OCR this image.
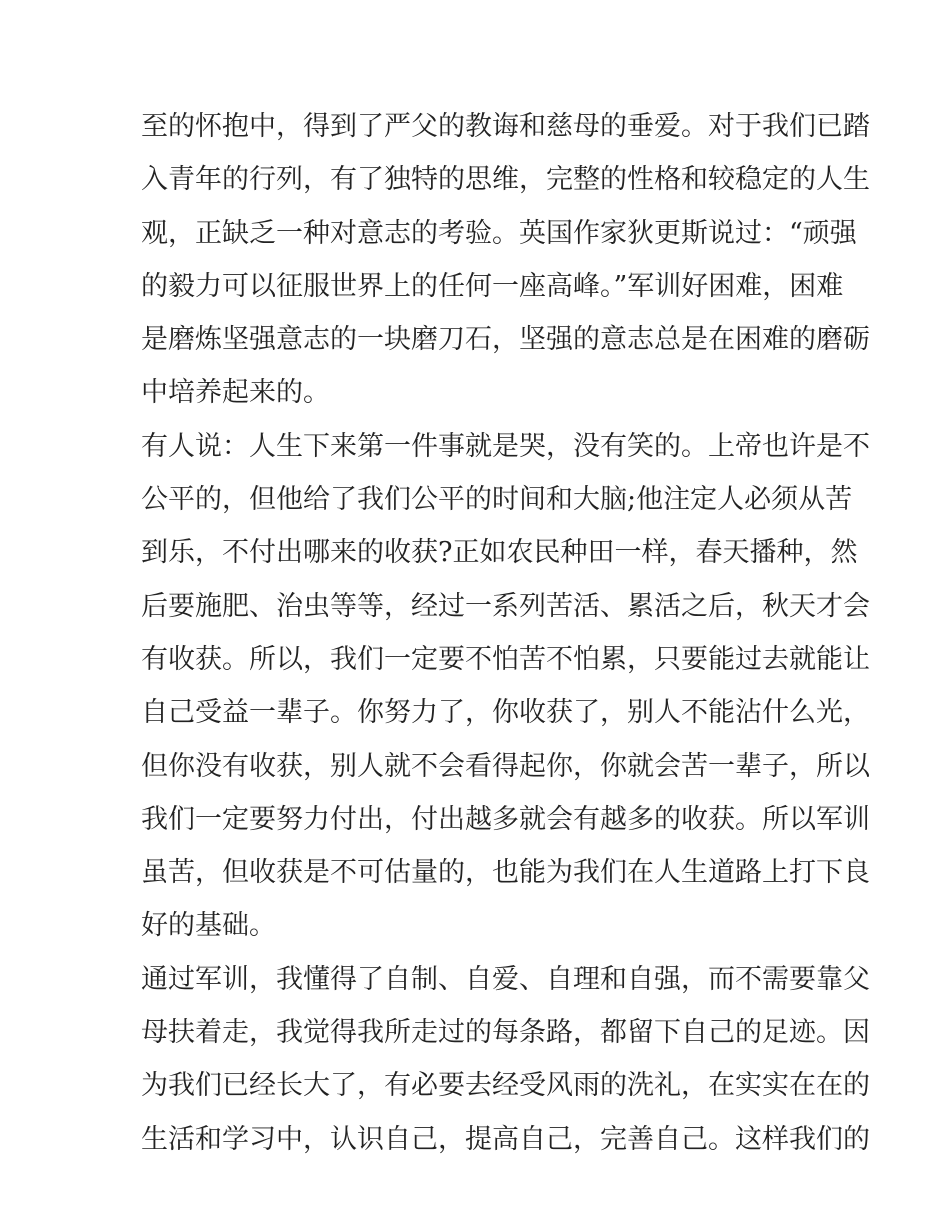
至的怀抱中，得到了严父的教诲和慈母的垂爱。对于我们已踏
入青年的行列，有了独特的思维，完整的性格和较稳定的人生
观，正缺乏一种对意志的考验。英国作家狄更斯说过：“顽强
的毅力可以征服世界上的任何一座高峰。”军训好困难，困难
是磨炼坚强意志的一块磨刀石，坚强的意志总是在困难的磨砺
中培养起来的。
有人说：人生下来第一件事就是哭，没有笑的。上帝也许是不
公平的，但他给了我们公平的时间和大脑;他注定人必须从苦
到乐，不付出哪来的收获?正如农民种田一样，春天播种，然
后要施肥、治虫等等，经过一系列苦活、累活之后，秋天才会
有收获。所以，我们一定要不怕苦不怕累，只要能过去就能让
自己受益一辈子。你努力了，你收获了，别人不能沾什么光，
但你没有收获，别人就不会看得起你，你就会苦一辈子，所以
我们一定要努力付出，付出越多就会有越多的收获。所以军训
虽苦，但收获是不可估量的，也能为我们在人生道路上打下良
好的基础。
通过军训，我懂得了自制、自爱、自理和自强，而不需要靠父
母扶着走，我觉得我所走过的每条路，都留下自己的足迹。因
为我们已经长大了，有必要去经受风雨的洗礼，在实实在在的
生活和学习中，认识自己，提高自己，完善自己。这样我们的
